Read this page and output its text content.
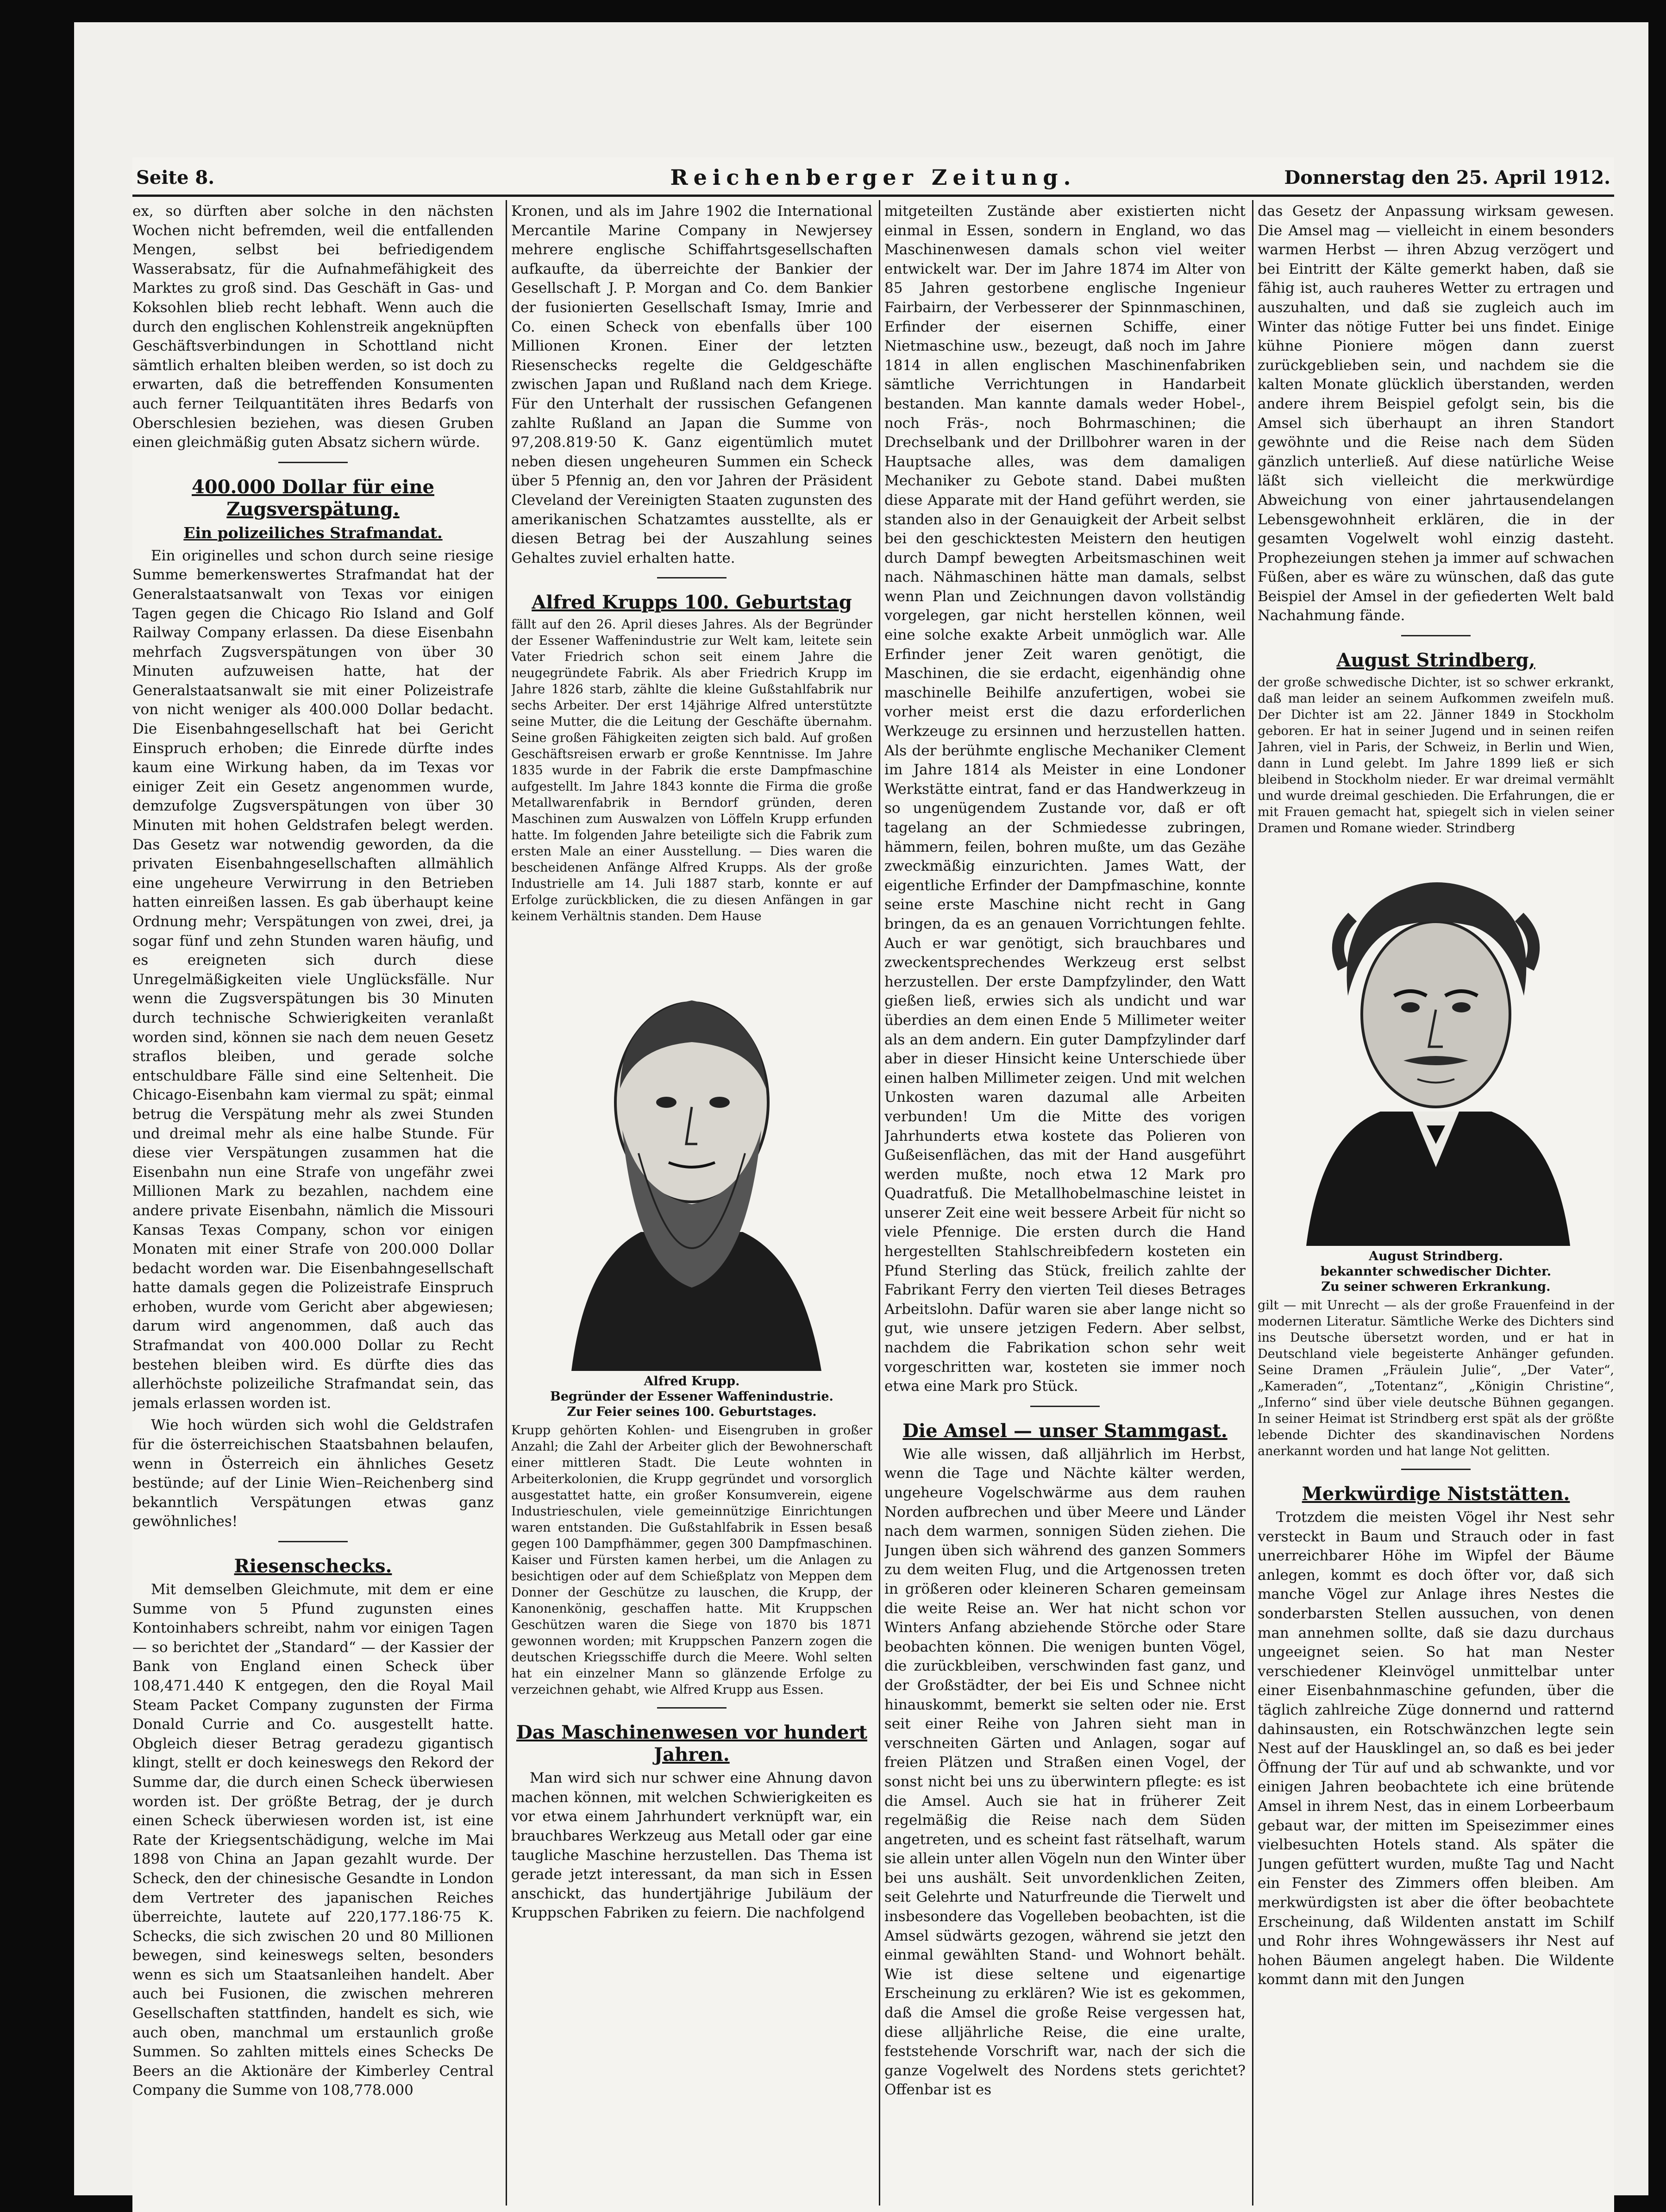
Seite 8.	Reichenberger Zeitung.	Donnerstag den 25. April 1912.

ex, so dürften aber solche in den nächsten Wochen nicht befremden, weil die entfallenden Mengen, selbst bei befriedigendem Wasserabsatz, für die Aufnahmefähigkeit des Marktes zu groß sind. Das Geschäft in Gas- und Koksohlen blieb recht lebhaft. Wenn auch die durch den englischen Kohlenstreik angeknüpften Geschäftsverbindungen in Schottland nicht sämtlich erhalten bleiben werden, so ist doch zu erwarten, daß die betreffenden Konsumenten auch ferner Teilquantitäten ihres Bedarfs von Oberschlesien beziehen, was diesen Gruben einen gleichmäßig guten Absatz sichern würde.

400.000 Dollar für eine Zugsverspätung.
Ein polizeiliches Strafmandat.

Ein originelles und schon durch seine riesige Summe bemerkenswertes Strafmandat hat der Generalstaatsanwalt von Texas vor einigen Tagen gegen die Chicago Rio Island and Golf Railway Company erlassen. Da diese Eisenbahn mehrfach Zugsverspätungen von über 30 Minuten aufzuweisen hatte, hat der Generalstaatsanwalt sie mit einer Polizeistrafe von nicht weniger als 400.000 Dollar bedacht. Die Eisenbahngesellschaft hat bei Gericht Einspruch erhoben; die Einrede dürfte indes kaum eine Wirkung haben, da im Texas vor einiger Zeit ein Gesetz angenommen wurde, demzufolge Zugsverspätungen von über 30 Minuten mit hohen Geldstrafen belegt werden. Das Gesetz war notwendig geworden, da die privaten Eisenbahngesellschaften allmählich eine ungeheure Verwirrung in den Betrieben hatten einreißen lassen. Es gab überhaupt keine Ordnung mehr; Verspätungen von zwei, drei, ja sogar fünf und zehn Stunden waren häufig, und es ereigneten sich durch diese Unregelmäßigkeiten viele Unglücksfälle. Nur wenn die Zugsverspätungen bis 30 Minuten durch technische Schwierigkeiten veranlaßt worden sind, können sie nach dem neuen Gesetz straflos bleiben, und gerade solche entschuldbare Fälle sind eine Seltenheit. Die Chicago-Eisenbahn kam viermal zu spät; einmal betrug die Verspätung mehr als zwei Stunden und dreimal mehr als eine halbe Stunde. Für diese vier Verspätungen zusammen hat die Eisenbahn nun eine Strafe von ungefähr zwei Millionen Mark zu bezahlen, nachdem eine andere private Eisenbahn, nämlich die Missouri Kansas Texas Company, schon vor einigen Monaten mit einer Strafe von 200.000 Dollar bedacht worden war. Die Eisenbahngesellschaft hatte damals gegen die Polizeistrafe Einspruch erhoben, wurde vom Gericht aber abgewiesen; darum wird angenommen, daß auch das Strafmandat von 400.000 Dollar zu Recht bestehen bleiben wird. Es dürfte dies das allerhöchste polizeiliche Strafmandat sein, das jemals erlassen worden ist.

Wie hoch würden sich wohl die Geldstrafen für die österreichischen Staatsbahnen belaufen, wenn in Österreich ein ähnliches Gesetz bestünde; auf der Linie Wien–Reichenberg sind bekanntlich Verspätungen etwas ganz gewöhnliches!

Riesenschecks.

Mit demselben Gleichmute, mit dem er eine Summe von 5 Pfund zugunsten eines Kontoinhabers schreibt, nahm vor einigen Tagen — so berichtet der „Standard“ — der Kassier der Bank von England einen Scheck über 108,471.440 K entgegen, den die Royal Mail Steam Packet Company zugunsten der Firma Donald Currie and Co. ausgestellt hatte. Obgleich dieser Betrag geradezu gigantisch klingt, stellt er doch keineswegs den Rekord der Summe dar, die durch einen Scheck überwiesen worden ist. Der größte Betrag, der je durch einen Scheck überwiesen worden ist, ist eine Rate der Kriegsentschädigung, welche im Mai 1898 von China an Japan gezahlt wurde. Der Scheck, den der chinesische Gesandte in London dem Vertreter des japanischen Reiches überreichte, lautete auf 220,177.186·75 K. Schecks, die sich zwischen 20 und 80 Millionen bewegen, sind keineswegs selten, besonders wenn es sich um Staatsanleihen handelt. Aber auch bei Fusionen, die zwischen mehreren Gesellschaften stattfinden, handelt es sich, wie auch oben, manchmal um erstaunlich große Summen. So zahlten mittels eines Schecks De Beers an die Aktionäre der Kimberley Central Company die Summe von 108,778.000

Kronen, und als im Jahre 1902 die International Mercantile Marine Company in Newjersey mehrere englische Schiffahrtsgesellschaften aufkaufte, da überreichte der Bankier der Gesellschaft J. P. Morgan and Co. dem Bankier der fusionierten Gesellschaft Ismay, Imrie and Co. einen Scheck von ebenfalls über 100 Millionen Kronen. Einer der letzten Riesenschecks regelte die Geldgeschäfte zwischen Japan und Rußland nach dem Kriege. Für den Unterhalt der russischen Gefangenen zahlte Rußland an Japan die Summe von 97,208.819·50 K. Ganz eigentümlich mutet neben diesen ungeheuren Summen ein Scheck über 5 Pfennig an, den vor Jahren der Präsident Cleveland der Vereinigten Staaten zugunsten des amerikanischen Schatzamtes ausstellte, als er diesen Betrag bei der Auszahlung seines Gehaltes zuviel erhalten hatte.

Alfred Krupps 100. Geburtstag

fällt auf den 26. April dieses Jahres. Als der Begründer der Essener Waffenindustrie zur Welt kam, leitete sein Vater Friedrich schon seit einem Jahre die neugegründete Fabrik. Als aber Friedrich Krupp im Jahre 1826 starb, zählte die kleine Gußstahlfabrik nur sechs Arbeiter. Der erst 14jährige Alfred unterstützte seine Mutter, die die Leitung der Geschäfte übernahm. Seine großen Fähigkeiten zeigten sich bald. Auf großen Geschäftsreisen erwarb er große Kenntnisse. Im Jahre 1835 wurde in der Fabrik die erste Dampfmaschine aufgestellt. Im Jahre 1843 konnte die Firma die große Metallwarenfabrik in Berndorf gründen, deren Maschinen zum Auswalzen von Löffeln Krupp erfunden hatte. Im folgenden Jahre beteiligte sich die Fabrik zum ersten Male an einer Ausstellung. — Dies waren die bescheidenen Anfänge Alfred Krupps. Als der große Industrielle am 14. Juli 1887 starb, konnte er auf Erfolge zurückblicken, die zu diesen Anfängen in gar keinem Verhältnis standen. Dem Hause

Alfred Krupp.
Begründer der Essener Waffenindustrie.
Zur Feier seines 100. Geburtstages.

Krupp gehörten Kohlen- und Eisengruben in großer Anzahl; die Zahl der Arbeiter glich der Bewohnerschaft einer mittleren Stadt. Die Leute wohnten in Arbeiterkolonien, die Krupp gegründet und vorsorglich ausgestattet hatte, ein großer Konsumverein, eigene Industrieschulen, viele gemeinnützige Einrichtungen waren entstanden. Die Gußstahlfabrik in Essen besaß gegen 100 Dampfhämmer, gegen 300 Dampfmaschinen. Kaiser und Fürsten kamen herbei, um die Anlagen zu besichtigen oder auf dem Schießplatz von Meppen dem Donner der Geschütze zu lauschen, die Krupp, der Kanonenkönig, geschaffen hatte. Mit Kruppschen Geschützen waren die Siege von 1870 bis 1871 gewonnen worden; mit Kruppschen Panzern zogen die deutschen Kriegsschiffe durch die Meere. Wohl selten hat ein einzelner Mann so glänzende Erfolge zu verzeichnen gehabt, wie Alfred Krupp aus Essen.

Das Maschinenwesen vor hundert Jahren.

Man wird sich nur schwer eine Ahnung davon machen können, mit welchen Schwierigkeiten es vor etwa einem Jahrhundert verknüpft war, ein brauchbares Werkzeug aus Metall oder gar eine taugliche Maschine herzustellen. Das Thema ist gerade jetzt interessant, da man sich in Essen anschickt, das hundertjährige Jubiläum der Kruppschen Fabriken zu feiern. Die nachfolgend

mitgeteilten Zustände aber existierten nicht einmal in Essen, sondern in England, wo das Maschinenwesen damals schon viel weiter entwickelt war. Der im Jahre 1874 im Alter von 85 Jahren gestorbene englische Ingenieur Fairbairn, der Verbesserer der Spinnmaschinen, Erfinder der eisernen Schiffe, einer Nietmaschine usw., bezeugt, daß noch im Jahre 1814 in allen englischen Maschinenfabriken sämtliche Verrichtungen in Handarbeit bestanden. Man kannte damals weder Hobel-, noch Fräs-, noch Bohrmaschinen; die Drechselbank und der Drillbohrer waren in der Hauptsache alles, was dem damaligen Mechaniker zu Gebote stand. Dabei mußten diese Apparate mit der Hand geführt werden, sie standen also in der Genauigkeit der Arbeit selbst bei den geschicktesten Meistern den heutigen durch Dampf bewegten Arbeitsmaschinen weit nach. Nähmaschinen hätte man damals, selbst wenn Plan und Zeichnungen davon vollständig vorgelegen, gar nicht herstellen können, weil eine solche exakte Arbeit unmöglich war. Alle Erfinder jener Zeit waren genötigt, die Maschinen, die sie erdacht, eigenhändig ohne maschinelle Beihilfe anzufertigen, wobei sie vorher meist erst die dazu erforderlichen Werkzeuge zu ersinnen und herzustellen hatten. Als der berühmte englische Mechaniker Clement im Jahre 1814 als Meister in eine Londoner Werkstätte eintrat, fand er das Handwerkzeug in so ungenügendem Zustande vor, daß er oft tagelang an der Schmiedesse zubringen, hämmern, feilen, bohren mußte, um das Gezähe zweckmäßig einzurichten. James Watt, der eigentliche Erfinder der Dampfmaschine, konnte seine erste Maschine nicht recht in Gang bringen, da es an genauen Vorrichtungen fehlte. Auch er war genötigt, sich brauchbares und zweckentsprechendes Werkzeug erst selbst herzustellen. Der erste Dampfzylinder, den Watt gießen ließ, erwies sich als undicht und war überdies an dem einen Ende 5 Millimeter weiter als an dem andern. Ein guter Dampfzylinder darf aber in dieser Hinsicht keine Unterschiede über einen halben Millimeter zeigen. Und mit welchen Unkosten waren dazumal alle Arbeiten verbunden! Um die Mitte des vorigen Jahrhunderts etwa kostete das Polieren von Gußeisenflächen, das mit der Hand ausgeführt werden mußte, noch etwa 12 Mark pro Quadratfuß. Die Metallhobelmaschine leistet in unserer Zeit eine weit bessere Arbeit für nicht so viele Pfennige. Die ersten durch die Hand hergestellten Stahlschreibfedern kosteten ein Pfund Sterling das Stück, freilich zahlte der Fabrikant Ferry den vierten Teil dieses Betrages Arbeitslohn. Dafür waren sie aber lange nicht so gut, wie unsere jetzigen Federn. Aber selbst, nachdem die Fabrikation schon sehr weit vorgeschritten war, kosteten sie immer noch etwa eine Mark pro Stück.

Die Amsel — unser Stammgast.

Wie alle wissen, daß alljährlich im Herbst, wenn die Tage und Nächte kälter werden, ungeheure Vogelschwärme aus dem rauhen Norden aufbrechen und über Meere und Länder nach dem warmen, sonnigen Süden ziehen. Die Jungen üben sich während des ganzen Sommers zu dem weiten Flug, und die Artgenossen treten in größeren oder kleineren Scharen gemeinsam die weite Reise an. Wer hat nicht schon vor Winters Anfang abziehende Störche oder Stare beobachten können. Die wenigen bunten Vögel, die zurückbleiben, verschwinden fast ganz, und der Großstädter, der bei Eis und Schnee nicht hinauskommt, bemerkt sie selten oder nie. Erst seit einer Reihe von Jahren sieht man in verschneiten Gärten und Anlagen, sogar auf freien Plätzen und Straßen einen Vogel, der sonst nicht bei uns zu überwintern pflegte: es ist die Amsel. Auch sie hat in früherer Zeit regelmäßig die Reise nach dem Süden angetreten, und es scheint fast rätselhaft, warum sie allein unter allen Vögeln nun den Winter über bei uns aushält. Seit unvordenklichen Zeiten, seit Gelehrte und Naturfreunde die Tierwelt und insbesondere das Vogelleben beobachten, ist die Amsel südwärts gezogen, während sie jetzt den einmal gewählten Stand- und Wohnort behält. Wie ist diese seltene und eigenartige Erscheinung zu erklären? Wie ist es gekommen, daß die Amsel die große Reise vergessen hat, diese alljährliche Reise, die eine uralte, feststehende Vorschrift war, nach der sich die ganze Vogelwelt des Nordens stets gerichtet? Offenbar ist es

das Gesetz der Anpassung wirksam gewesen. Die Amsel mag — vielleicht in einem besonders warmen Herbst — ihren Abzug verzögert und bei Eintritt der Kälte gemerkt haben, daß sie fähig ist, auch rauheres Wetter zu ertragen und auszuhalten, und daß sie zugleich auch im Winter das nötige Futter bei uns findet. Einige kühne Pioniere mögen dann zuerst zurückgeblieben sein, und nachdem sie die kalten Monate glücklich überstanden, werden andere ihrem Beispiel gefolgt sein, bis die Amsel sich überhaupt an ihren Standort gewöhnte und die Reise nach dem Süden gänzlich unterließ. Auf diese natürliche Weise läßt sich vielleicht die merkwürdige Abweichung von einer jahrtausendelangen Lebensgewohnheit erklären, die in der gesamten Vogelwelt wohl einzig dasteht. Prophezeiungen stehen ja immer auf schwachen Füßen, aber es wäre zu wünschen, daß das gute Beispiel der Amsel in der gefiederten Welt bald Nachahmung fände.

August Strindberg,

der große schwedische Dichter, ist so schwer erkrankt, daß man leider an seinem Aufkommen zweifeln muß. Der Dichter ist am 22. Jänner 1849 in Stockholm geboren. Er hat in seiner Jugend und in seinen reifen Jahren, viel in Paris, der Schweiz, in Berlin und Wien, dann in Lund gelebt. Im Jahre 1899 ließ er sich bleibend in Stockholm nieder. Er war dreimal vermählt und wurde dreimal geschieden. Die Erfahrungen, die er mit Frauen gemacht hat, spiegelt sich in vielen seiner Dramen und Romane wieder. Strindberg

August Strindberg.
bekannter schwedischer Dichter.
Zu seiner schweren Erkrankung.

gilt — mit Unrecht — als der große Frauenfeind in der modernen Literatur. Sämtliche Werke des Dichters sind ins Deutsche übersetzt worden, und er hat in Deutschland viele begeisterte Anhänger gefunden. Seine Dramen „Fräulein Julie“, „Der Vater“, „Kameraden“, „Totentanz“, „Königin Christine“, „Inferno“ sind über viele deutsche Bühnen gegangen. In seiner Heimat ist Strindberg erst spät als der größte lebende Dichter des skandinavischen Nordens anerkannt worden und hat lange Not gelitten.

Merkwürdige Niststätten.

Trotzdem die meisten Vögel ihr Nest sehr versteckt in Baum und Strauch oder in fast unerreichbarer Höhe im Wipfel der Bäume anlegen, kommt es doch öfter vor, daß sich manche Vögel zur Anlage ihres Nestes die sonderbarsten Stellen aussuchen, von denen man annehmen sollte, daß sie dazu durchaus ungeeignet seien. So hat man Nester verschiedener Kleinvögel unmittelbar unter einer Eisenbahnmaschine gefunden, über die täglich zahlreiche Züge donnernd und ratternd dahinsausten, ein Rotschwänzchen legte sein Nest auf der Hausklingel an, so daß es bei jeder Öffnung der Tür auf und ab schwankte, und vor einigen Jahren beobachtete ich eine brütende Amsel in ihrem Nest, das in einem Lorbeerbaum gebaut war, der mitten im Speisezimmer eines vielbesuchten Hotels stand. Als später die Jungen gefüttert wurden, mußte Tag und Nacht ein Fenster des Zimmers offen bleiben. Am merkwürdigsten ist aber die öfter beobachtete Erscheinung, daß Wildenten anstatt im Schilf und Rohr ihres Wohngewässers ihr Nest auf hohen Bäumen angelegt haben. Die Wildente kommt dann mit den Jungen
